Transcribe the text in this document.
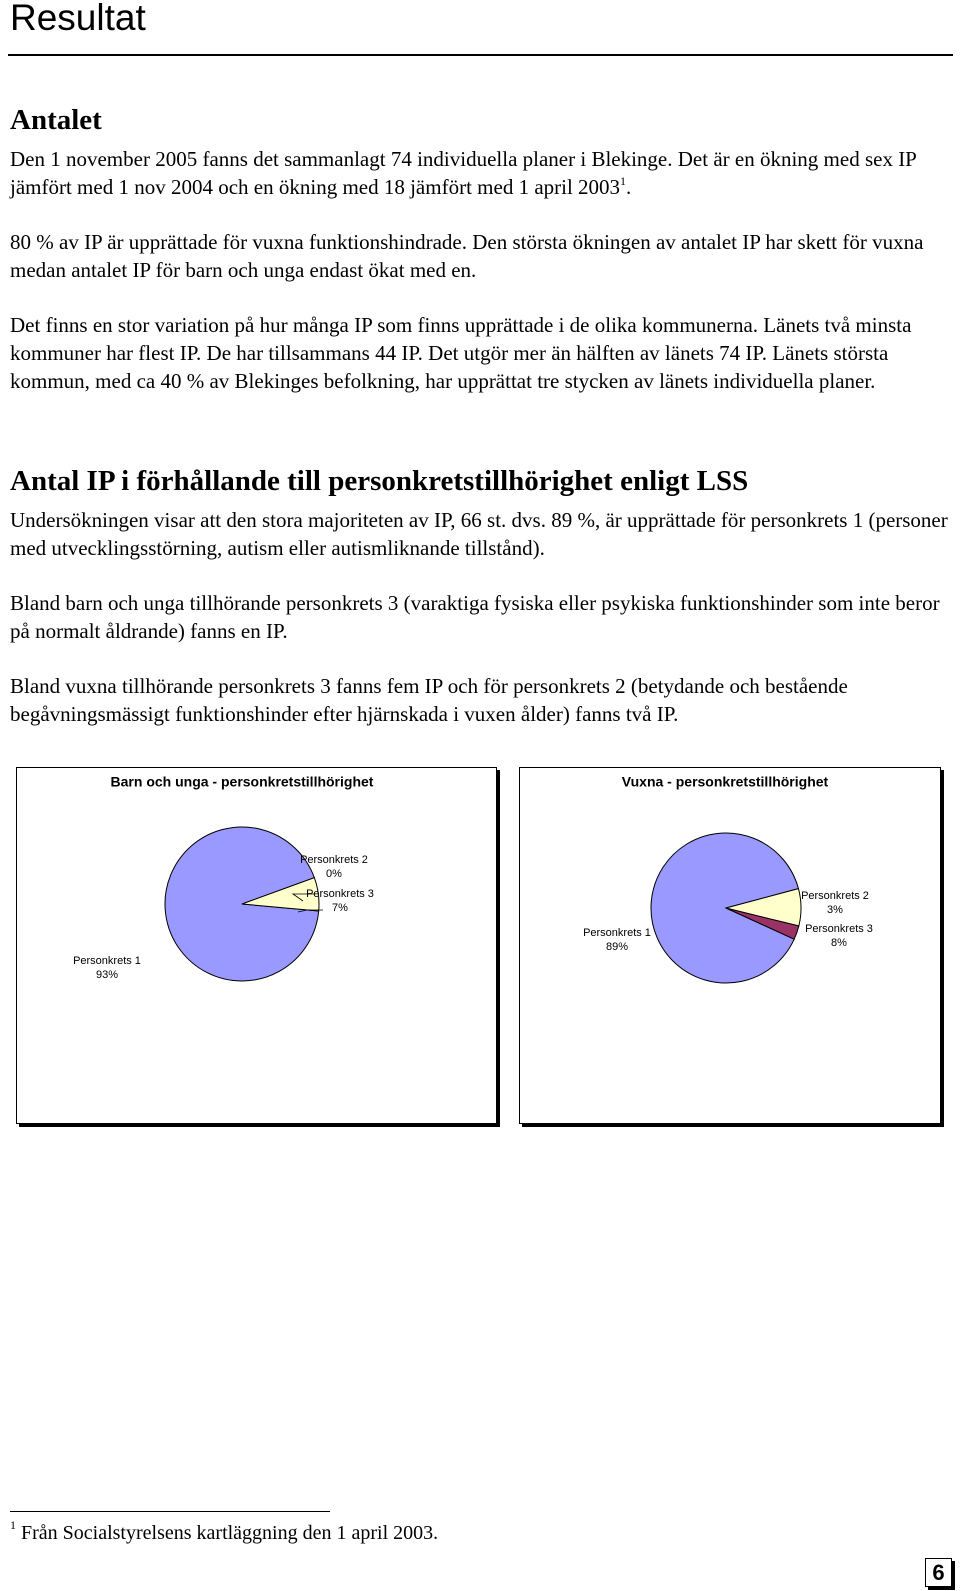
Resultat
Antalet

Den 1 november 2005 fanns det sammanlagt 74 individuella planer i Blekinge. Det är en ökning med sex IP jämfört med 1 nov 2004 och en ökning med 18 jämfört med 1 april 2003$^1$.

80 % av IP är upprättade för vuxna funktionshindrade. Den största ökningen av antalet IP har skett för vuxna medan antalet IP för barn och unga endast ökat med en.

Det finns en stor variation på hur många IP som finns upprättade i de olika kommunerna. Länets två minsta kommuner har flest IP. De har tillsammans 44 IP. Det utgör mer än hälften av länets 74 IP. Länets största kommun, med ca 40 % av Blekinges befolkning, har upprättat tre stycken av länets individuella planer.

Antal IP i förhållande till personkretstillhörighet enligt LSS

Undersökningen visar att den stora majoriteten av IP, 66 st. dvs. 89 %, är upprättade för personkrets 1 (personer med utvecklingsstörning, autism eller autismliknande tillstånd).

Bland barn och unga tillhörande personkrets 3 (varaktiga fysiska eller psykiska funktionshinder som inte beror på normalt åldrande) fanns en IP.

Bland vuxna tillhörande personkrets 3 fanns fem IP och för personkrets 2 (betydande och bestående begåvningsmässigt funktionshinder efter hjärnskada i vuxen ålder) fanns två IP.

Barn och unga - personkretstillhörighet
Personkrets 1 93%
Personkrets 2 0%
Personkrets 3 7%
Vuxna - personkretstillhörighet
Personkrets 1 89%
Personkrets 2 3%
Personkrets 3 8%

$^1$ Från Socialstyrelsens kartläggning den 1 april 2003.

6
